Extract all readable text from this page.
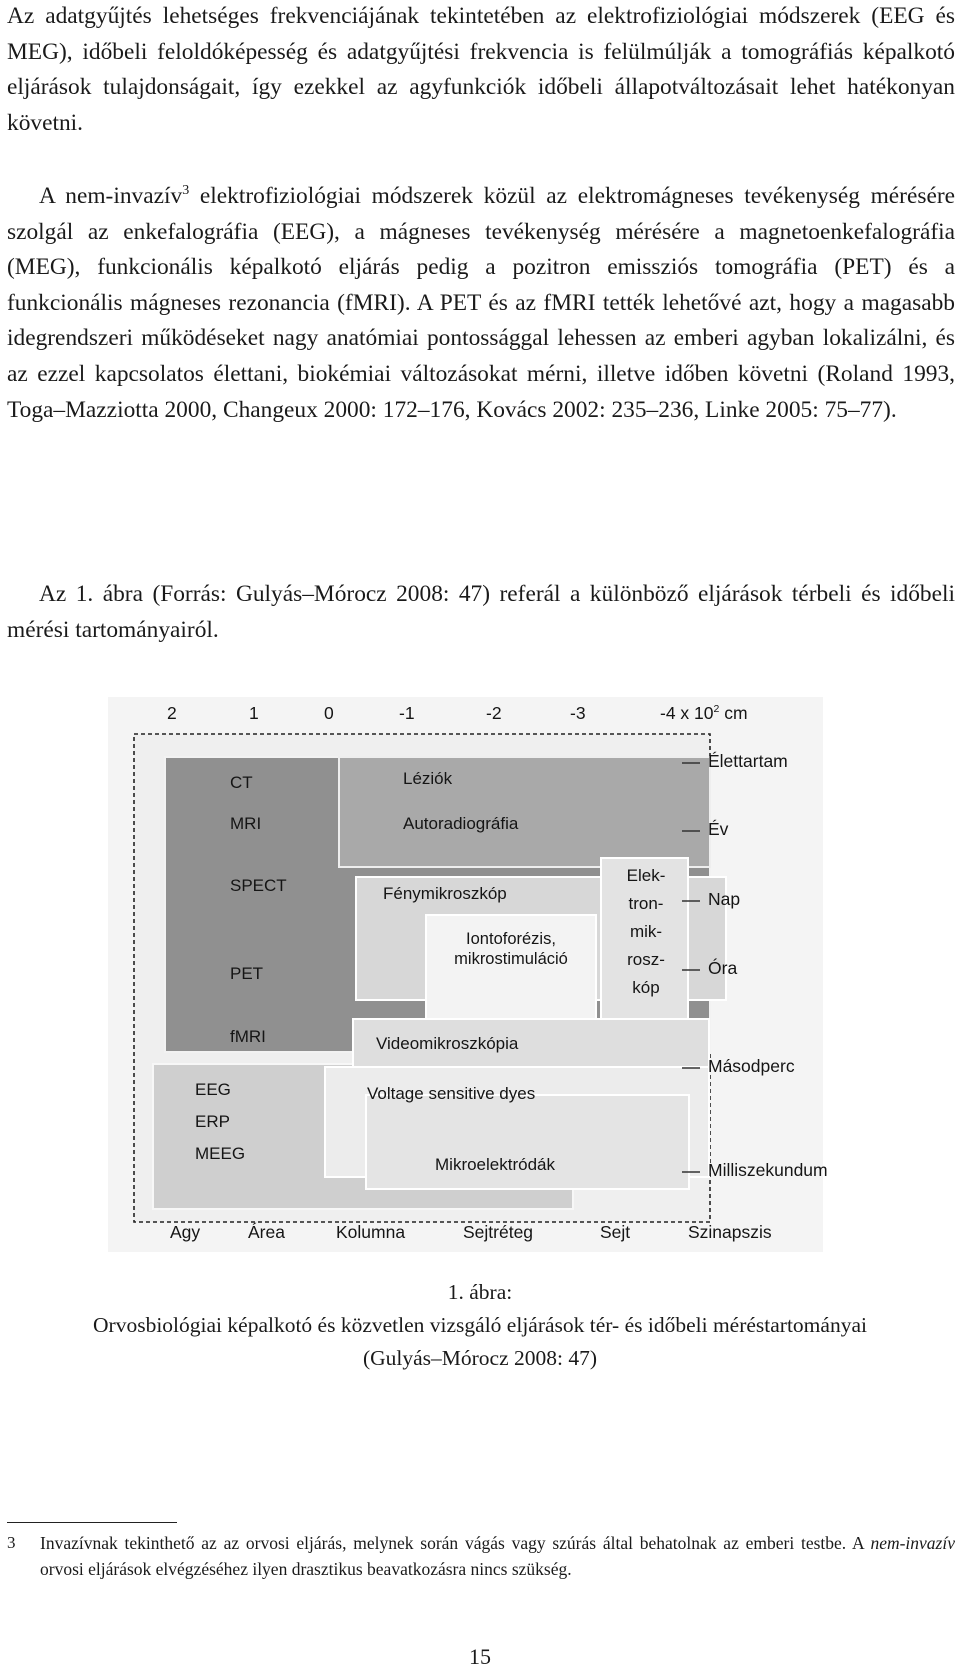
Az adatgyűjtés lehetséges frekvenciájának tekintetében az elektrofiziológiai módszerek (EEG és MEG), időbeli feloldóképesség és adatgyűjtési frekvencia is felülmúlják a tomográfiás képalkotó eljárások tulajdonságait, így ezekkel az agyfunkciók időbeli állapotváltozásait lehet hatékonyan követni.

A nem-invazív$^3$ elektrofiziológiai módszerek közül az elektromágneses tevékenység mérésére szolgál az enkefalográfia (EEG), a mágneses tevékenység mérésére a magnetoenkefalográfia (MEG), funkcionális képalkotó eljárás pedig a pozitron emissziós tomográfia (PET) és a funkcionális mágneses rezonancia (fMRI). A PET és az fMRI tették lehetővé azt, hogy a magasabb idegrendszeri működéseket nagy anatómiai pontossággal lehessen az emberi agyban lokalizálni, és az ezzel kapcsolatos élettani, biokémiai változásokat mérni, illetve időben követni (Roland 1993, Toga–Mazziotta 2000, Changeux 2000: 172–176, Kovács 2002: 235–236, Linke 2005: 75–77).

Az 1. ábra (Forrás: Gulyás–Mórocz 2008: 47) referál a különböző eljárások térbeli és időbeli mérési tartományairól.

2	1	0	-1	-2	-3	-4 x $10^2$ cm
CT
MRI
SPECT
PET
fMRI
Léziók
Autoradiográfia
Fénymikroszkóp
Elek-
tron-
mik-
rosz-
kóp
Iontoforézis,
mikrostimuláció
Videomikroszkópia
EEG
ERP
MEEG
Voltage sensitive dyes
Mikroelektródák
Élettartam
Év
Nap
Óra
Másodperc
Milliszekundum
Agy	Área	Kolumna	Sejtréteg	Sejt	Szinapszis

1. ábra:

Orvosbiológiai képalkotó és közvetlen vizsgáló eljárások tér- és időbeli méréstartományai

(Gulyás–Mórocz 2008: 47)

3 Invazívnak tekinthető az az orvosi eljárás, melynek során vágás vagy szúrás által behatolnak az emberi testbe. A nem-invazív orvosi eljárások elvégzéséhez ilyen drasztikus beavatkozásra nincs szükség.

15
